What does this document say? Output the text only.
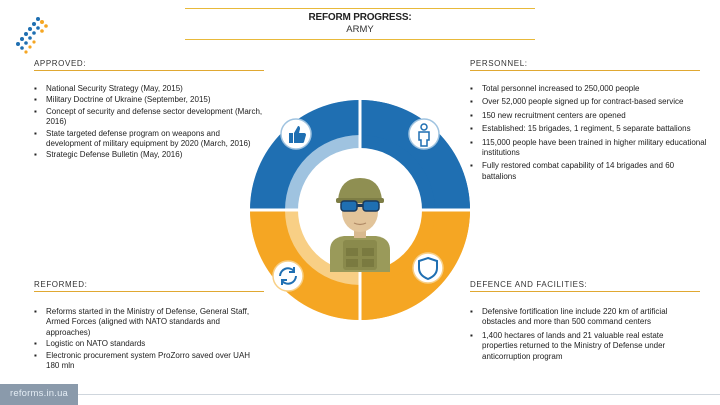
REFORM PROGRESS:
ARMY
APPROVED:
▪ National Security Strategy (May, 2015)
▪ Military Doctrine of Ukraine (September, 2015)
▪ Concept of security and defense sector development (March, 2016)
▪ State targeted defense program on weapons and development of military equipment by 2020 (March, 2016)
▪ Strategic Defense Bulletin (May, 2016)
PERSONNEL:
▪ Total personnel increased to 250,000 people
▪ Over 52,000 people signed up for contract-based service
▪ 150 new recruitment centers are opened
▪ Established: 15 brigades, 1 regiment, 5 separate battalions
▪ 115,000 people have been trained in higher military educational institutions
▪ Fully restored combat capability of 14 brigades and 60 battalions
REFORMED:
▪ Reforms started in the Ministry of Defense, General Staff, Armed Forces (aligned with NATO standards and approaches)
▪ Logistic on NATO standards
▪ Electronic procurement system ProZorro saved over UAH 180 mln
DEFENCE AND FACILITIES:
▪ Defensive fortification line include 220 km of artificial obstacles and more than 500 command centers
▪ 1,400 hectares of lands and 21 valuable real estate properties returned to the Ministry of Defense under anticorruption program
reforms.in.ua
